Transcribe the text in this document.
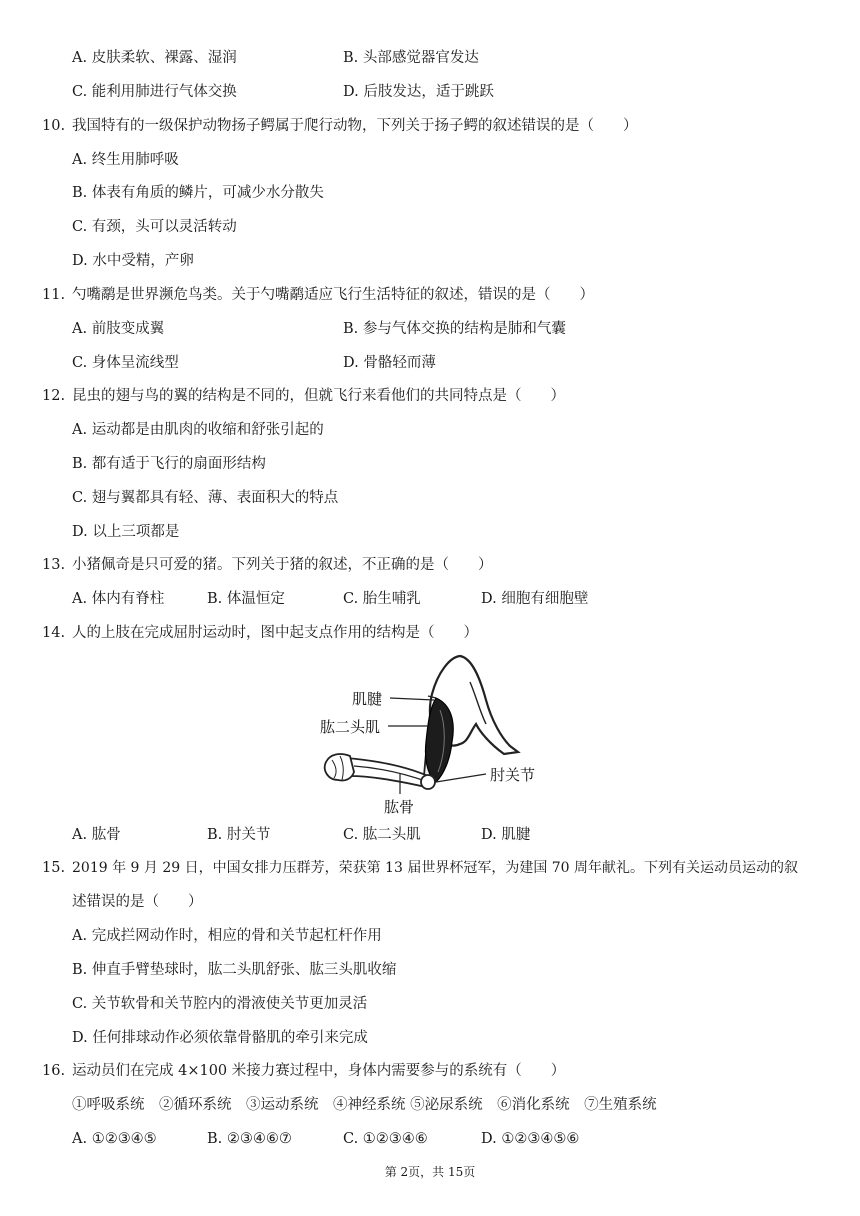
A. 皮肤柔软、裸露、湿润	B. 头部感觉器官发达
C. 能利用肺进行气体交换	D. 后肢发达，适于跳跃
10. 我国特有的一级保护动物扬子鳄属于爬行动物，下列关于扬子鳄的叙述错误的是（　　）
A. 终生用肺呼吸
B. 体表有角质的鳞片，可减少水分散失
C. 有颈，头可以灵活转动
D. 水中受精，产卵
11. 勺嘴鹬是世界濒危鸟类。关于勺嘴鹬适应飞行生活特征的叙述，错误的是（　　）
A. 前肢变成翼	B. 参与气体交换的结构是肺和气囊
C. 身体呈流线型	D. 骨骼轻而薄
12. 昆虫的翅与鸟的翼的结构是不同的，但就飞行来看他们的共同特点是（　　）
A. 运动都是由肌肉的收缩和舒张引起的
B. 都有适于飞行的扇面形结构
C. 翅与翼都具有轻、薄、表面积大的特点
D. 以上三项都是
13. 小猪佩奇是只可爱的猪。下列关于猪的叙述，不正确的是（　　）
A. 体内有脊柱	B. 体温恒定	C. 胎生哺乳	D. 细胞有细胞壁
14. 人的上肢在完成屈肘运动时，图中起支点作用的结构是（　　）
肌腱
肱二头肌
肘关节
肱骨
A. 肱骨	B. 肘关节	C. 肱二头肌	D. 肌腱
15. 2019 年 9 月 29 日，中国女排力压群芳，荣获第 13 届世界杯冠军，为建国 70 周年献礼。下列有关运动员运动的叙
述错误的是（　　）
A. 完成拦网动作时，相应的骨和关节起杠杆作用
B. 伸直手臂垫球时，肱二头肌舒张、肱三头肌收缩
C. 关节软骨和关节腔内的滑液使关节更加灵活
D. 任何排球动作必须依靠骨骼肌的牵引来完成
16. 运动员们在完成 4×100 米接力赛过程中，身体内需要参与的系统有（　　）
①呼吸系统　②循环系统　③运动系统　④神经系统 ⑤泌尿系统　⑥消化系统　⑦生殖系统
A. ①②③④⑤	B. ②③④⑥⑦	C. ①②③④⑥	D. ①②③④⑤⑥
第 2页，共 15页
